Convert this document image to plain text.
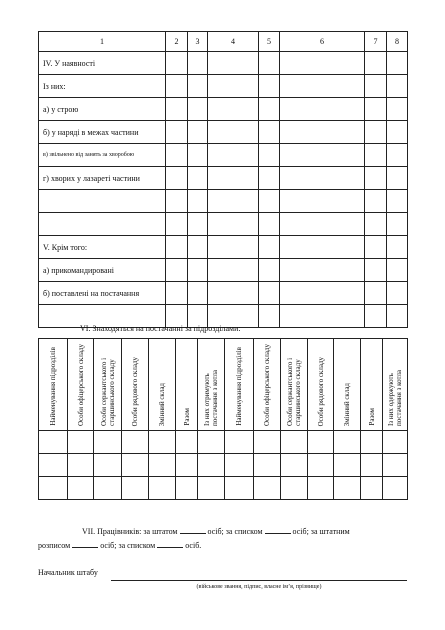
1	2	3	4	5	6	7	8
IV. У наявності							
Із них:							
а) у строю							
б) у наряді в межах частини							
в) звільнено від занять за хворобою							
г) хворих у лазареті частини							

V. Крім того:							
а) прикомандировані							
б) поставлені на постачання							

VI. Знаходяться на постачанні за підрозділами:
Найменування підрозділів	Особи офіцерського складу	Особи сержантського і старшинського складу	Особи рядового складу	Змінний склад	Разом	Із них отримують постачання з котла	Найменування підрозділів	Особи офіцерського складу	Особи сержантського і старшинського складу	Особи рядового складу	Змінний склад	Разом	Із них одержують постачання з котла

VII. Працівників: за штатом	осіб; за списком	осіб; за штатним
розписом	осіб; за списком	осіб.
Начальник штабу
(військове звання, підпис, власне ім’я, прізвище)
